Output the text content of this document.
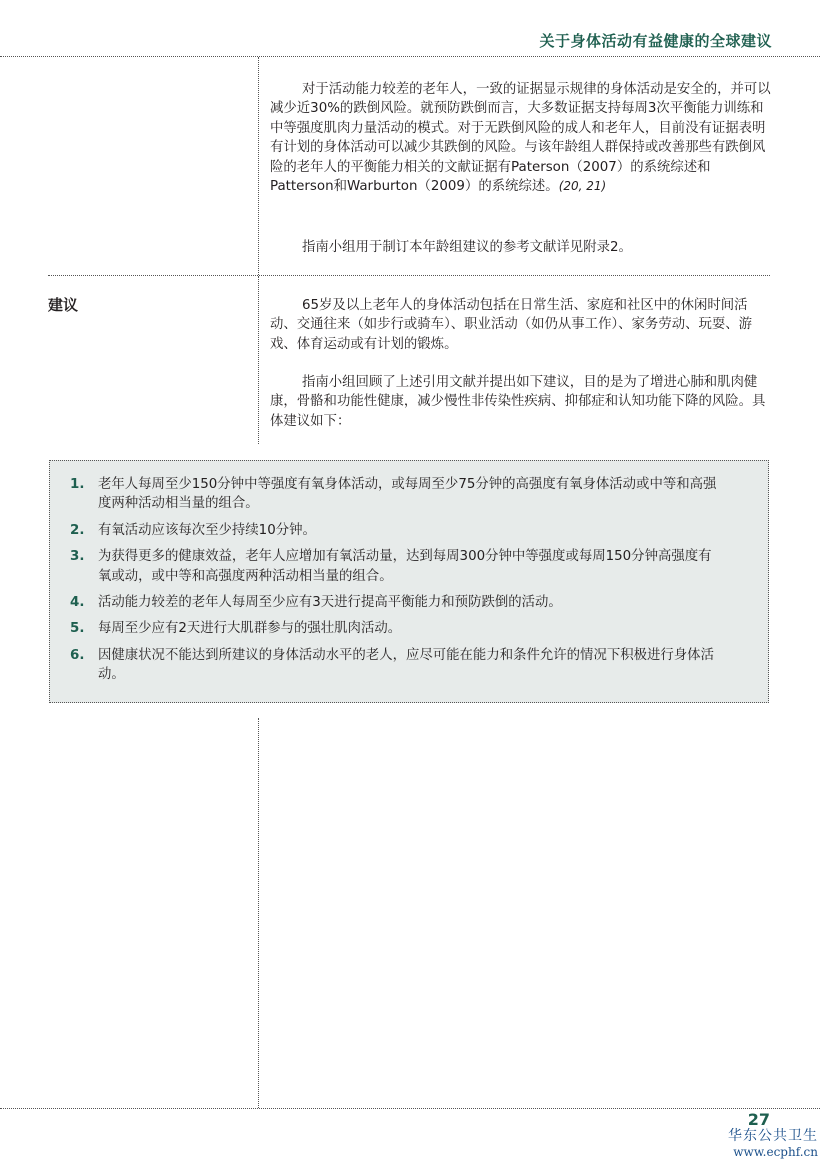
关于身体活动有益健康的全球建议

对于活动能力较差的老年人，一致的证据显示规律的身体活动是安全的，并可以减少近30%的跌倒风险。就预防跌倒而言，大多数证据支持每周3次平衡能力训练和中等强度肌肉力量活动的模式。对于无跌倒风险的成人和老年人，目前没有证据表明有计划的身体活动可以减少其跌倒的风险。与该年龄组人群保持或改善那些有跌倒风险的老年人的平衡能力相关的文献证据有Paterson（2007）的系统综述和Patterson和Warburton（2009）的系统综述。(20, 21)

指南小组用于制订本年龄组建议的参考文献详见附录2。

建议	65岁及以上老年人的身体活动包括在日常生活、家庭和社区中的休闲时间活动、交通往来（如步行或骑车）、职业活动（如仍从事工作）、家务劳动、玩耍、游戏、体育运动或有计划的锻炼。

指南小组回顾了上述引用文献并提出如下建议，目的是为了增进心肺和肌肉健康，骨骼和功能性健康，减少慢性非传染性疾病、抑郁症和认知功能下降的风险。具体建议如下：

1. 老年人每周至少150分钟中等强度有氧身体活动，或每周至少75分钟的高强度有氧身体活动或中等和高强度两种活动相当量的组合。
2. 有氧活动应该每次至少持续10分钟。
3. 为获得更多的健康效益，老年人应增加有氧活动量，达到每周300分钟中等强度或每周150分钟高强度有氧或动，或中等和高强度两种活动相当量的组合。
4. 活动能力较差的老年人每周至少应有3天进行提高平衡能力和预防跌倒的活动。
5. 每周至少应有2天进行大肌群参与的强壮肌肉活动。
6. 因健康状况不能达到所建议的身体活动水平的老人，应尽可能在能力和条件允许的情况下积极进行身体活动。
27
华东公共卫生
www.ecphf.cn
